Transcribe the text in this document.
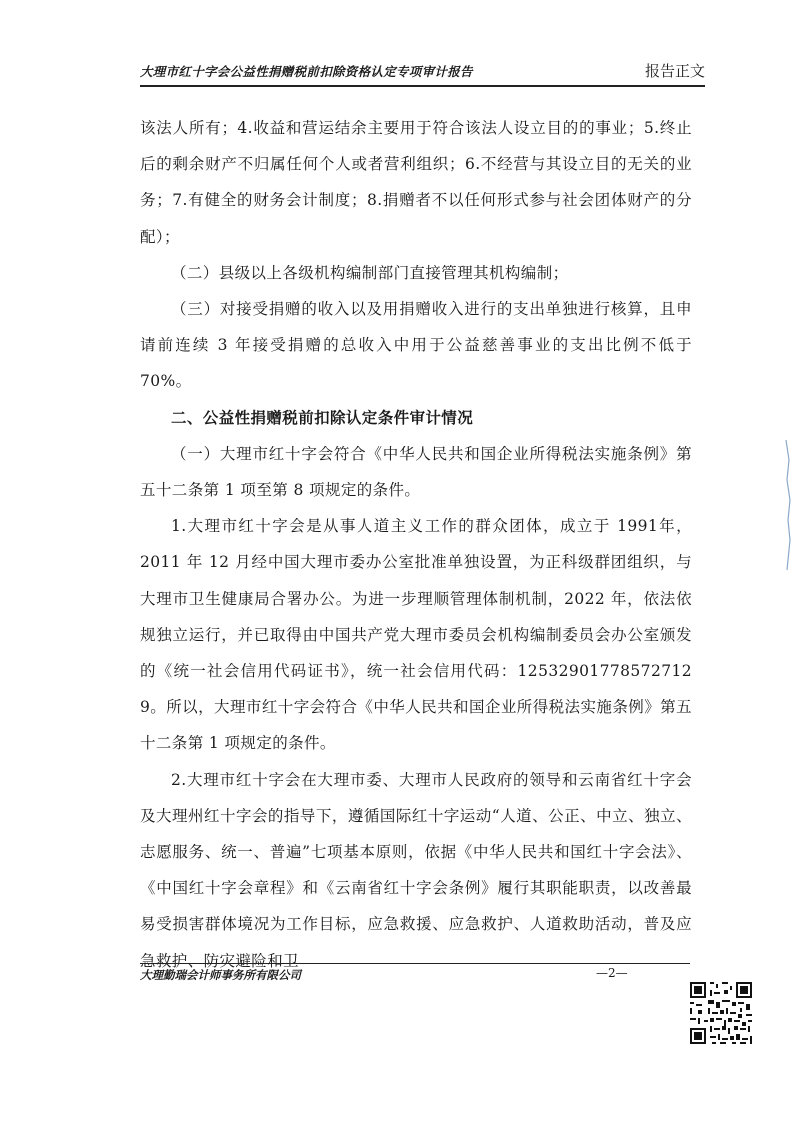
大理市红十字会公益性捐赠税前扣除资格认定专项审计报告	报告正文

该法人所有；4.收益和营运结余主要用于符合该法人设立目的的事业；5.终止后的剩余财产不归属任何个人或者营利组织；6.不经营与其设立目的无关的业务；7.有健全的财务会计制度；8.捐赠者不以任何形式参与社会团体财产的分配）；

（二）县级以上各级机构编制部门直接管理其机构编制；

（三）对接受捐赠的收入以及用捐赠收入进行的支出单独进行核算，且申请前连续 3 年接受捐赠的总收入中用于公益慈善事业的支出比例不低于 70%。

二、公益性捐赠税前扣除认定条件审计情况

（一）大理市红十字会符合《中华人民共和国企业所得税法实施条例》第五十二条第 1 项至第 8 项规定的条件。

1.大理市红十字会是从事人道主义工作的群众团体，成立于 1991年，2011 年 12 月经中国大理市委办公室批准单独设置，为正科级群团组织，与大理市卫生健康局合署办公。为进一步理顺管理体制机制，2022 年，依法依规独立运行，并已取得由中国共产党大理市委员会机构编制委员会办公室颁发的《统一社会信用代码证书》，统一社会信用代码：12532901778572712 9。所以，大理市红十字会符合《中华人民共和国企业所得税法实施条例》第五十二条第 1 项规定的条件。

2.大理市红十字会在大理市委、大理市人民政府的领导和云南省红十字会及大理州红十字会的指导下，遵循国际红十字运动“人道、公正、中立、独立、志愿服务、统一、普遍”七项基本原则，依据《中华人民共和国红十字会法》、《中国红十字会章程》和《云南省红十字会条例》履行其职能职责，以改善最易受损害群体境况为工作目标，应急救援、应急救护、人道救助活动，普及应急救护、防灾避险和卫

大理勤瑞会计师事务所有限公司	—2—
